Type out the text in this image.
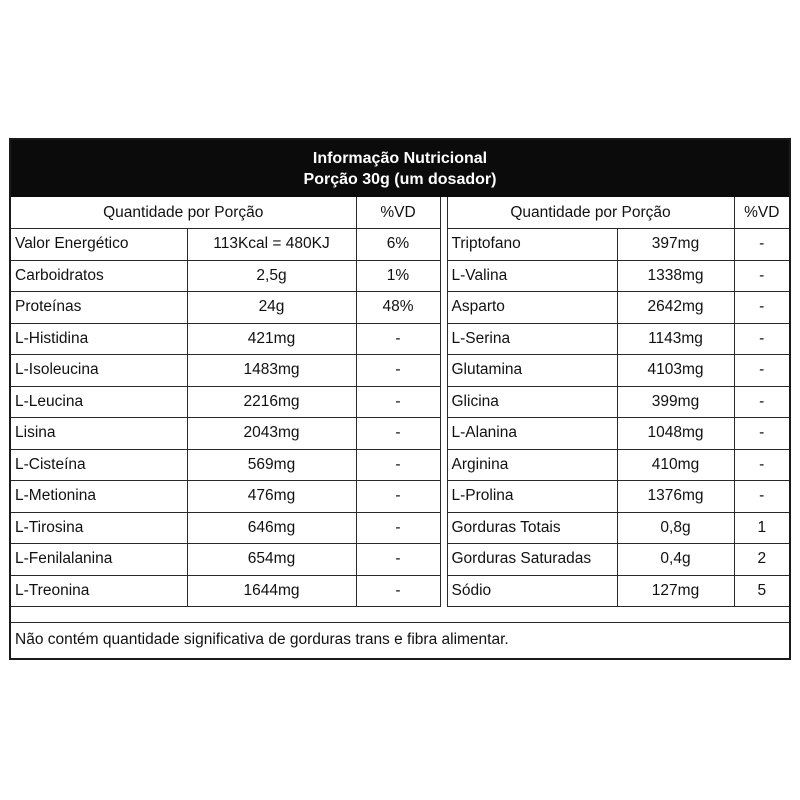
Informação Nutricional
Porção 30g (um dosador)
Quantidade por Porção		%VD		Quantidade por Porção		%VD
Valor Energético	113Kcal = 480KJ	6%		Triptofano	397mg	-
Carboidratos	2,5g	1%		L-Valina	1338mg	-
Proteínas	24g	48%		Asparto	2642mg	-
L-Histidina	421mg	-		L-Serina	1143mg	-
L-Isoleucina	1483mg	-		Glutamina	4103mg	-
L-Leucina	2216mg	-		Glicina	399mg	-
Lisina	2043mg	-		L-Alanina	1048mg	-
L-Cisteína	569mg	-		Arginina	410mg	-
L-Metionina	476mg	-		L-Prolina	1376mg	-
L-Tirosina	646mg	-		Gorduras Totais	0,8g	1
L-Fenilalanina	654mg	-		Gorduras Saturadas	0,4g	2
L-Treonina	1644mg	-		Sódio	127mg	5
Não contém quantidade significativa de gorduras trans e fibra alimentar.
